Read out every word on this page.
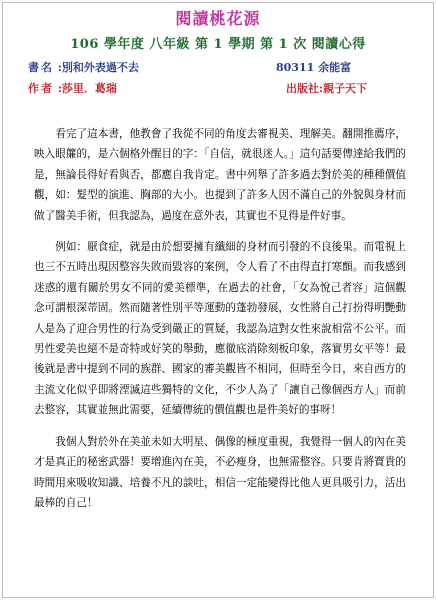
閱讀桃花源
106 學年度 八年級 第 1 學期 第 1 次 閱讀心得
書名 :別和外表過不去	80311 余能富
作者 :莎里．葛瑞	出版社:親子天下

看完了這本書，他教會了我從不同的角度去審視美、理解美。翻開推薦序，映入眼簾的，是六個格外醒目的字：「自信，就很迷人。」這句話要傳達給我們的是，無論長得好看與否，都應自我肯定。書中列舉了許多過去對於美的種種價值觀，如：髮型的演進、胸部的大小。也提到了許多人因不滿自己的外貌與身材而做了醫美手術，但我認為，過度在意外表，其實也不見得是件好事。

例如：厭食症，就是由於想要擁有纖細的身材而引發的不良後果。而電視上也三不五時出現因整容失敗而毀容的案例，令人看了不由得直打寒顫。而我感到迷惑的還有關於男女不同的愛美標準，在過去的社會，「女為悅己者容」這個觀念可謂根深蒂固。然而隨著性別平等運動的蓬勃發展，女性將自己打扮得明艷動人是為了迎合男性的行為受到嚴正的質疑，我認為這對女性來說相當不公平。而男性愛美也絕不是奇特或好笑的舉動，應徹底消除刻板印象，落實男女平等！最後就是書中提到不同的族群、國家的審美觀皆不相同，但時至今日，來自西方的主流文化似乎即將湮滅這些獨特的文化，不少人為了「讓自己像個西方人」而前去整容，其實並無此需要，延續傳統的價值觀也是件美好的事呀！

我個人對於外在美並未如大明星、偶像的極度重視，我覺得一個人的內在美才是真正的秘密武器！要增進內在美，不必瘦身，也無需整容。只要肯將寶貴的時間用來吸收知識、培養不凡的談吐，相信一定能變得比他人更具吸引力，活出最棒的自己！
